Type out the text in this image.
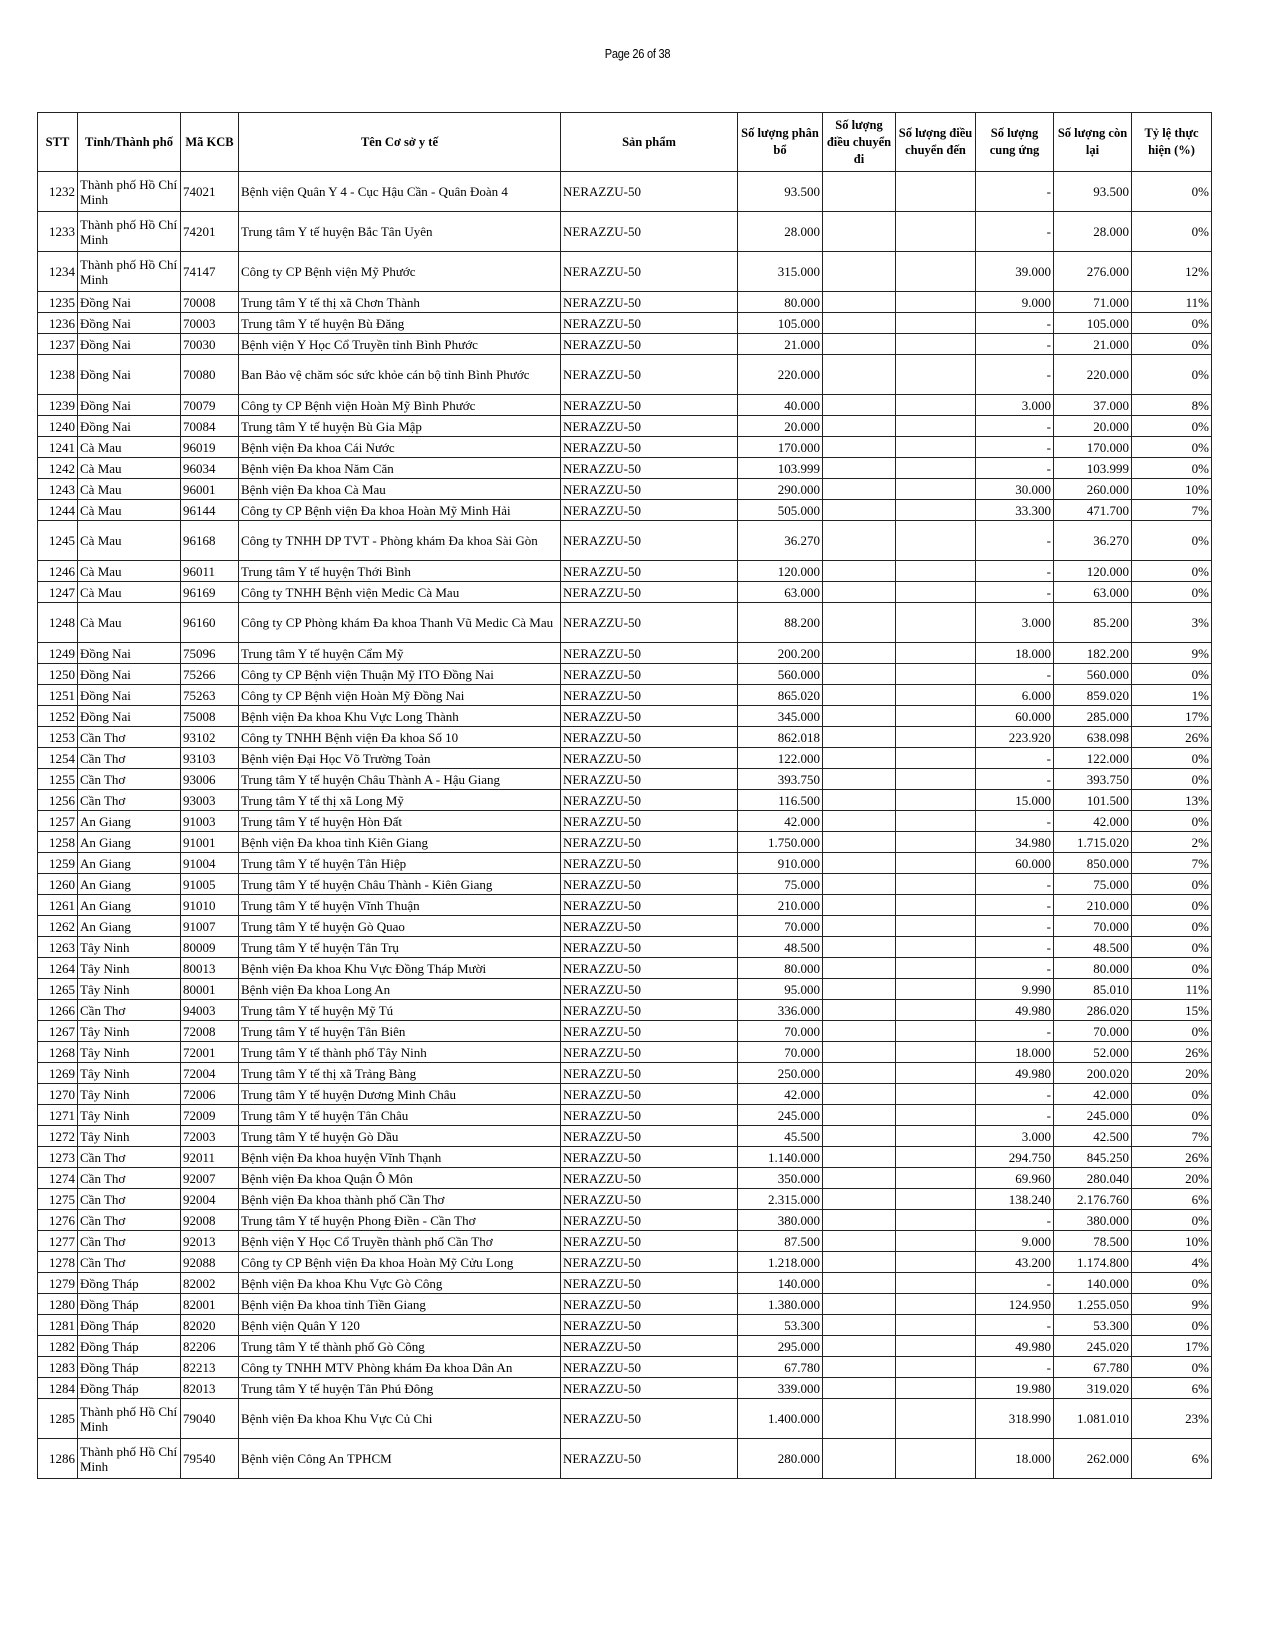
Page 26 of 38
STT	Tỉnh/Thành phố	Mã KCB	Tên Cơ sở y tế	Sản phẩm	Số lượng phân bổ	Số lượng điều chuyển đi	Số lượng điều chuyển đến	Số lượng cung ứng	Số lượng còn lại	Tỷ lệ thực hiện (%)
1232	Thành phố Hồ Chí Minh	74021	Bệnh viện Quân Y 4 - Cục Hậu Cần - Quân Đoàn 4	NERAZZU-50	93.500			-	93.500	0%
1233	Thành phố Hồ Chí Minh	74201	Trung tâm Y tế huyện Bắc Tân Uyên	NERAZZU-50	28.000			-	28.000	0%
1234	Thành phố Hồ Chí Minh	74147	Công ty CP Bệnh viện Mỹ Phước	NERAZZU-50	315.000			39.000	276.000	12%
1235	Đồng Nai	70008	Trung tâm Y tế thị xã Chơn Thành	NERAZZU-50	80.000			9.000	71.000	11%
1236	Đồng Nai	70003	Trung tâm Y tế huyện Bù Đăng	NERAZZU-50	105.000			-	105.000	0%
1237	Đồng Nai	70030	Bệnh viện Y Học Cổ Truyền tỉnh Bình Phước	NERAZZU-50	21.000			-	21.000	0%
1238	Đồng Nai	70080	Ban Bảo vệ chăm sóc sức khỏe cán bộ tỉnh Bình Phước	NERAZZU-50	220.000			-	220.000	0%
1239	Đồng Nai	70079	Công ty CP Bệnh viện Hoàn Mỹ Bình Phước	NERAZZU-50	40.000			3.000	37.000	8%
1240	Đồng Nai	70084	Trung tâm Y tế huyện Bù Gia Mập	NERAZZU-50	20.000			-	20.000	0%
1241	Cà Mau	96019	Bệnh viện Đa khoa Cái Nước	NERAZZU-50	170.000			-	170.000	0%
1242	Cà Mau	96034	Bệnh viện Đa khoa Năm Căn	NERAZZU-50	103.999			-	103.999	0%
1243	Cà Mau	96001	Bệnh viện Đa khoa Cà Mau	NERAZZU-50	290.000			30.000	260.000	10%
1244	Cà Mau	96144	Công ty CP Bệnh viện Đa khoa Hoàn Mỹ Minh Hải	NERAZZU-50	505.000			33.300	471.700	7%
1245	Cà Mau	96168	Công ty TNHH DP TVT - Phòng khám Đa khoa Sài Gòn	NERAZZU-50	36.270			-	36.270	0%
1246	Cà Mau	96011	Trung tâm Y tế huyện Thới Bình	NERAZZU-50	120.000			-	120.000	0%
1247	Cà Mau	96169	Công ty TNHH Bệnh viện Medic Cà Mau	NERAZZU-50	63.000			-	63.000	0%
1248	Cà Mau	96160	Công ty CP Phòng khám Đa khoa Thanh Vũ Medic Cà Mau	NERAZZU-50	88.200			3.000	85.200	3%
1249	Đồng Nai	75096	Trung tâm Y tế huyện Cẩm Mỹ	NERAZZU-50	200.200			18.000	182.200	9%
1250	Đồng Nai	75266	Công ty CP Bệnh viện Thuận Mỹ ITO Đồng Nai	NERAZZU-50	560.000			-	560.000	0%
1251	Đồng Nai	75263	Công ty CP Bệnh viện Hoàn Mỹ Đồng Nai	NERAZZU-50	865.020			6.000	859.020	1%
1252	Đồng Nai	75008	Bệnh viện Đa khoa Khu Vực Long Thành	NERAZZU-50	345.000			60.000	285.000	17%
1253	Cần Thơ	93102	Công ty TNHH Bệnh viện Đa khoa Số 10	NERAZZU-50	862.018			223.920	638.098	26%
1254	Cần Thơ	93103	Bệnh viện Đại Học Võ Trường Toản	NERAZZU-50	122.000			-	122.000	0%
1255	Cần Thơ	93006	Trung tâm Y tế huyện Châu Thành A - Hậu Giang	NERAZZU-50	393.750			-	393.750	0%
1256	Cần Thơ	93003	Trung tâm Y tế thị xã Long Mỹ	NERAZZU-50	116.500			15.000	101.500	13%
1257	An Giang	91003	Trung tâm Y tế huyện Hòn Đất	NERAZZU-50	42.000			-	42.000	0%
1258	An Giang	91001	Bệnh viện Đa khoa tỉnh Kiên Giang	NERAZZU-50	1.750.000			34.980	1.715.020	2%
1259	An Giang	91004	Trung tâm Y tế huyện Tân Hiệp	NERAZZU-50	910.000			60.000	850.000	7%
1260	An Giang	91005	Trung tâm Y tế huyện Châu Thành - Kiên Giang	NERAZZU-50	75.000			-	75.000	0%
1261	An Giang	91010	Trung tâm Y tế huyện Vĩnh Thuận	NERAZZU-50	210.000			-	210.000	0%
1262	An Giang	91007	Trung tâm Y tế huyện Gò Quao	NERAZZU-50	70.000			-	70.000	0%
1263	Tây Ninh	80009	Trung tâm Y tế huyện Tân Trụ	NERAZZU-50	48.500			-	48.500	0%
1264	Tây Ninh	80013	Bệnh viện Đa khoa Khu Vực Đồng Tháp Mười	NERAZZU-50	80.000			-	80.000	0%
1265	Tây Ninh	80001	Bệnh viện Đa khoa Long An	NERAZZU-50	95.000			9.990	85.010	11%
1266	Cần Thơ	94003	Trung tâm Y tế huyện Mỹ Tú	NERAZZU-50	336.000			49.980	286.020	15%
1267	Tây Ninh	72008	Trung tâm Y tế huyện Tân Biên	NERAZZU-50	70.000			-	70.000	0%
1268	Tây Ninh	72001	Trung tâm Y tế thành phố Tây Ninh	NERAZZU-50	70.000			18.000	52.000	26%
1269	Tây Ninh	72004	Trung tâm Y tế thị xã Trảng Bàng	NERAZZU-50	250.000			49.980	200.020	20%
1270	Tây Ninh	72006	Trung tâm Y tế huyện Dương Minh Châu	NERAZZU-50	42.000			-	42.000	0%
1271	Tây Ninh	72009	Trung tâm Y tế huyện Tân Châu	NERAZZU-50	245.000			-	245.000	0%
1272	Tây Ninh	72003	Trung tâm Y tế huyện Gò Dầu	NERAZZU-50	45.500			3.000	42.500	7%
1273	Cần Thơ	92011	Bệnh viện Đa khoa huyện Vĩnh Thạnh	NERAZZU-50	1.140.000			294.750	845.250	26%
1274	Cần Thơ	92007	Bệnh viện Đa khoa Quận Ô Môn	NERAZZU-50	350.000			69.960	280.040	20%
1275	Cần Thơ	92004	Bệnh viện Đa khoa thành phố Cần Thơ	NERAZZU-50	2.315.000			138.240	2.176.760	6%
1276	Cần Thơ	92008	Trung tâm Y tế huyện Phong Điền - Cần Thơ	NERAZZU-50	380.000			-	380.000	0%
1277	Cần Thơ	92013	Bệnh viện Y Học Cổ Truyền thành phố Cần Thơ	NERAZZU-50	87.500			9.000	78.500	10%
1278	Cần Thơ	92088	Công ty CP Bệnh viện Đa khoa Hoàn Mỹ Cửu Long	NERAZZU-50	1.218.000			43.200	1.174.800	4%
1279	Đồng Tháp	82002	Bệnh viện Đa khoa Khu Vực Gò Công	NERAZZU-50	140.000			-	140.000	0%
1280	Đồng Tháp	82001	Bệnh viện Đa khoa tỉnh Tiền Giang	NERAZZU-50	1.380.000			124.950	1.255.050	9%
1281	Đồng Tháp	82020	Bệnh viện Quân Y 120	NERAZZU-50	53.300			-	53.300	0%
1282	Đồng Tháp	82206	Trung tâm Y tế thành phố Gò Công	NERAZZU-50	295.000			49.980	245.020	17%
1283	Đồng Tháp	82213	Công ty TNHH MTV Phòng khám Đa khoa Dân An	NERAZZU-50	67.780			-	67.780	0%
1284	Đồng Tháp	82013	Trung tâm Y tế huyện Tân Phú Đông	NERAZZU-50	339.000			19.980	319.020	6%
1285	Thành phố Hồ Chí Minh	79040	Bệnh viện Đa khoa Khu Vực Củ Chi	NERAZZU-50	1.400.000			318.990	1.081.010	23%
1286	Thành phố Hồ Chí Minh	79540	Bệnh viện Công An TPHCM	NERAZZU-50	280.000			18.000	262.000	6%
